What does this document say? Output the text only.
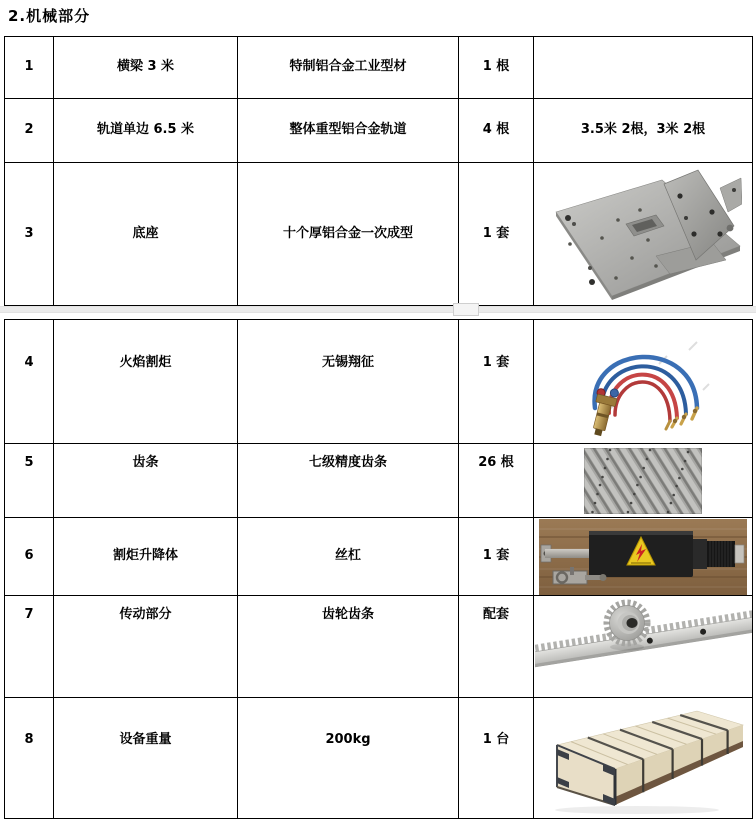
2.机械部分
1	横梁 3 米	特制铝合金工业型材	1 根	
2	轨道单边 6.5 米	整体重型铝合金轨道	4 根	3.5米 2根，3米 2根
3	底座	十个厚铝合金一次成型	1 套	
4	火焰割炬	无锡翔征	1 套	

5	齿条	七级精度齿条	26 根	

6	割炬升降体	丝杠	1 套	

7	传动部分	齿轮齿条	配套	

8	设备重量	200kg	1 台	
